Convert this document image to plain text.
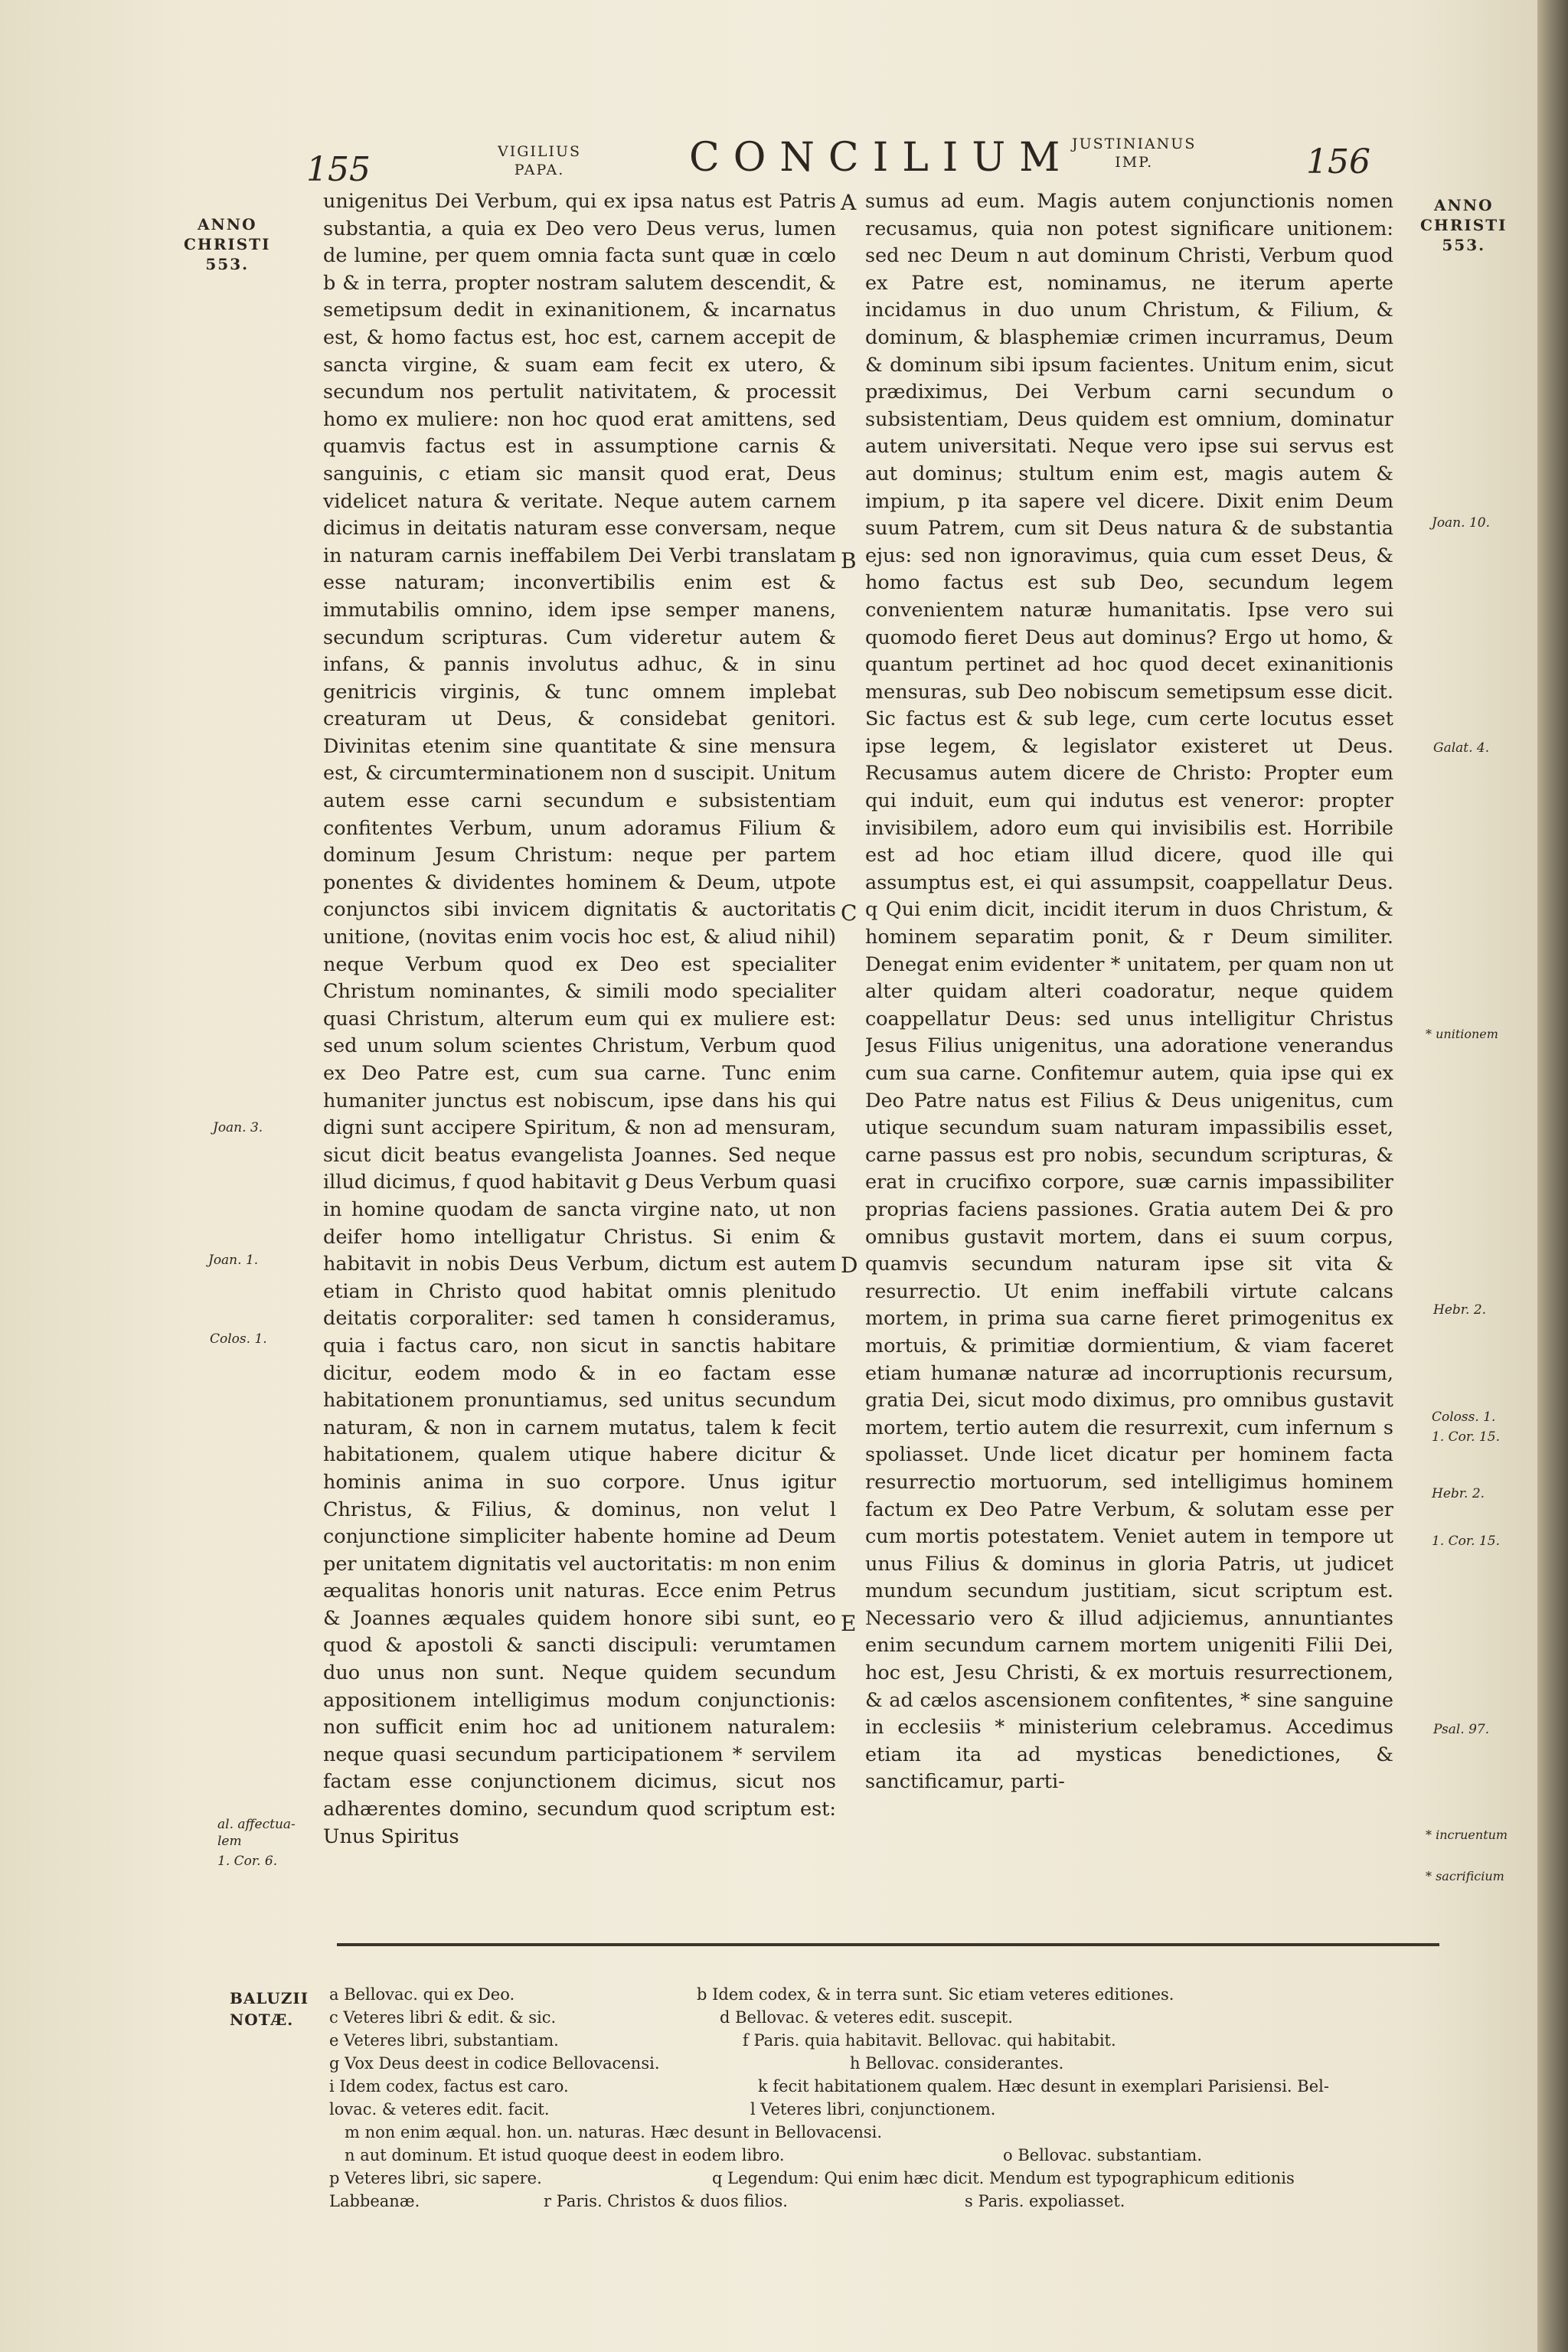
155	VIGILIUS
PAPA.	CONCILIUM
JUSTINIANUS
IMP.	156
ANNO
CHRISTI
553.
ANNO
CHRISTI
553.
Joan. 3.
Joan. 1.
Colos. 1.
al. affectua-
lem
1. Cor. 6.
Joan. 10.
Galat. 4.
Hebr. 2.
Coloss. 1.
1. Cor. 15.
Hebr. 2.
1. Cor. 15.
Psal. 97.
* unitionem
* incruentum
* sacrificium
A
B
C
D
E
unigenitus Dei Verbum, qui ex ipsa natus est Patris substantia, a quia ex Deo vero Deus verus, lumen de lumine, per quem omnia facta sunt quæ in cœlo b & in terra, propter nostram salutem descendit, & semetipsum dedit in exinanitionem, & incarnatus est, & homo factus est, hoc est, carnem accepit de sancta virgine, & suam eam fecit ex utero, & secundum nos pertulit nativitatem, & processit homo ex muliere: non hoc quod erat amittens, sed quamvis factus est in assumptione carnis & sanguinis, c etiam sic mansit quod erat, Deus videlicet natura & veritate. Neque autem carnem dicimus in deitatis naturam esse conversam, neque in naturam carnis ineffabilem Dei Verbi translatam esse naturam; inconvertibilis enim est & immutabilis omnino, idem ipse semper manens, secundum scripturas. Cum videretur autem & infans, & pannis involutus adhuc, & in sinu genitricis virginis, & tunc omnem implebat creaturam ut Deus, & considebat genitori. Divinitas etenim sine quantitate & sine mensura est, & circumterminationem non d suscipit. Unitum autem esse carni secundum e subsistentiam confitentes Verbum, unum adoramus Filium & dominum Jesum Christum: neque per partem ponentes & dividentes hominem & Deum, utpote conjunctos sibi invicem dignitatis & auctoritatis unitione, (novitas enim vocis hoc est, & aliud nihil) neque Verbum quod ex Deo est specialiter Christum nominantes, & simili modo specialiter quasi Christum, alterum eum qui ex muliere est: sed unum solum scientes Christum, Verbum quod ex Deo Patre est, cum sua carne. Tunc enim humaniter junctus est nobiscum, ipse dans his qui digni sunt accipere Spiritum, & non ad mensuram, sicut dicit beatus evangelista Joannes. Sed neque illud dicimus, f quod habitavit g Deus Verbum quasi in homine quodam de sancta virgine nato, ut non deifer homo intelligatur Christus. Si enim & habitavit in nobis Deus Verbum, dictum est autem etiam in Christo quod habitat omnis plenitudo deitatis corporaliter: sed tamen h consideramus, quia i factus caro, non sicut in sanctis habitare dicitur, eodem modo & in eo factam esse habitationem pronuntiamus, sed unitus secundum naturam, & non in carnem mutatus, talem k fecit habitationem, qualem utique habere dicitur & hominis anima in suo corpore. Unus igitur Christus, & Filius, & dominus, non velut l conjunctione simpliciter habente homine ad Deum per unitatem dignitatis vel auctoritatis: m non enim æqualitas honoris unit naturas. Ecce enim Petrus & Joannes æquales quidem honore sibi sunt, eo quod & apostoli & sancti discipuli: verumtamen duo unus non sunt. Neque quidem secundum appositionem intelligimus modum conjunctionis: non sufficit enim hoc ad unitionem naturalem: neque quasi secundum participationem * servilem factam esse conjunctionem dicimus, sicut nos adhærentes domino, secundum quod scriptum est: Unus Spiritus
sumus ad eum. Magis autem conjunctionis nomen recusamus, quia non potest significare unitionem: sed nec Deum n aut dominum Christi, Verbum quod ex Patre est, nominamus, ne iterum aperte incidamus in duo unum Christum, & Filium, & dominum, & blasphemiæ crimen incurramus, Deum & dominum sibi ipsum facientes. Unitum enim, sicut prædiximus, Dei Verbum carni secundum o subsistentiam, Deus quidem est omnium, dominatur autem universitati. Neque vero ipse sui servus est aut dominus; stultum enim est, magis autem & impium, p ita sapere vel dicere. Dixit enim Deum suum Patrem, cum sit Deus natura & de substantia ejus: sed non ignoravimus, quia cum esset Deus, & homo factus est sub Deo, secundum legem convenientem naturæ humanitatis. Ipse vero sui quomodo fieret Deus aut dominus? Ergo ut homo, & quantum pertinet ad hoc quod decet exinanitionis mensuras, sub Deo nobiscum semetipsum esse dicit. Sic factus est & sub lege, cum certe locutus esset ipse legem, & legislator existeret ut Deus. Recusamus autem dicere de Christo: Propter eum qui induit, eum qui indutus est veneror: propter invisibilem, adoro eum qui invisibilis est. Horribile est ad hoc etiam illud dicere, quod ille qui assumptus est, ei qui assumpsit, coappellatur Deus. q Qui enim dicit, incidit iterum in duos Christum, & hominem separatim ponit, & r Deum similiter. Denegat enim evidenter * unitatem, per quam non ut alter quidam alteri coadoratur, neque quidem coappellatur Deus: sed unus intelligitur Christus Jesus Filius unigenitus, una adoratione venerandus cum sua carne. Confitemur autem, quia ipse qui ex Deo Patre natus est Filius & Deus unigenitus, cum utique secundum suam naturam impassibilis esset, carne passus est pro nobis, secundum scripturas, & erat in crucifixo corpore, suæ carnis impassibiliter proprias faciens passiones. Gratia autem Dei & pro omnibus gustavit mortem, dans ei suum corpus, quamvis secundum naturam ipse sit vita & resurrectio. Ut enim ineffabili virtute calcans mortem, in prima sua carne fieret primogenitus ex mortuis, & primitiæ dormientium, & viam faceret etiam humanæ naturæ ad incorruptionis recursum, gratia Dei, sicut modo diximus, pro omnibus gustavit mortem, tertio autem die resurrexit, cum infernum s spoliasset. Unde licet dicatur per hominem facta resurrectio mortuorum, sed intelligimus hominem factum ex Deo Patre Verbum, & solutam esse per cum mortis potestatem. Veniet autem in tempore ut unus Filius & dominus in gloria Patris, ut judicet mundum secundum justitiam, sicut scriptum est. Necessario vero & illud adjiciemus, annuntiantes enim secundum carnem mortem unigeniti Filii Dei, hoc est, Jesu Christi, & ex mortuis resurrectionem, & ad cælos ascensionem confitentes, * sine sanguine in ecclesiis * ministerium celebramus. Accedimus etiam ita ad mysticas benedictiones, & sanctificamur, parti-
BALUZII
NOTÆ.
a Bellovac. qui ex Deo.	b Idem codex, & in terra sunt. Sic etiam veteres editiones.
c Veteres libri & edit. & sic.	d Bellovac. & veteres edit. suscepit.
e Veteres libri, substantiam.	f Paris. quia habitavit. Bellovac. qui habitabit.
g Vox Deus deest in codice Bellovacensi.	h Bellovac. considerantes.
i Idem codex, factus est caro.	k fecit habitationem qualem. Hæc desunt in exemplari Parisiensi. Bel-
lovac. & veteres edit. facit.	l Veteres libri, conjunctionem.
m non enim æqual. hon. un. naturas. Hæc desunt in Bellovacensi.
n aut dominum. Et istud quoque deest in eodem libro.	o Bellovac. substantiam.
p Veteres libri, sic sapere.	q Legendum: Qui enim hæc dicit. Mendum est typographicum editionis
Labbeanæ.	r Paris. Christos & duos filios.	s Paris. expoliasset.
